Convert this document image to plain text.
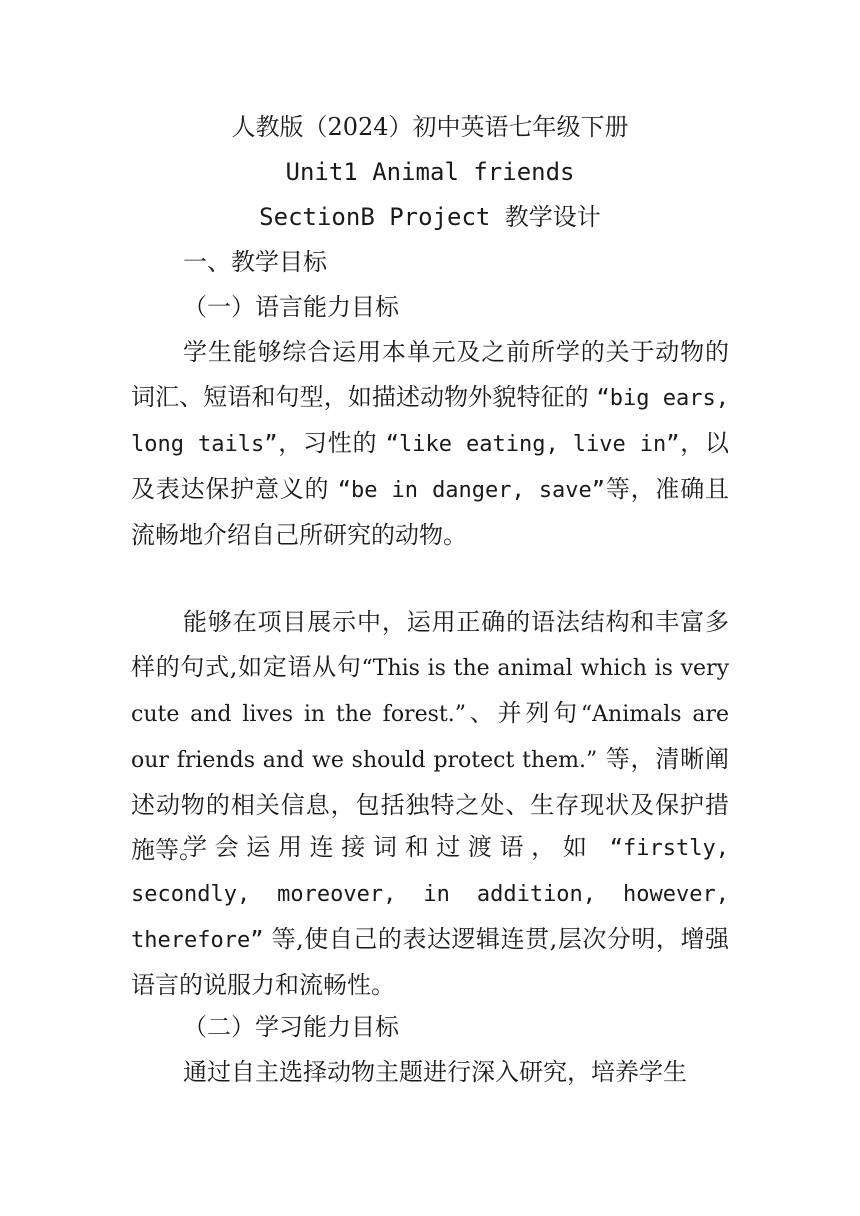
人教版（2024）初中英语七年级下册
Unit1 Animal friends
SectionB Project 教学设计
一、教学目标
（一）语言能力目标
学生能够综合运用本单元及之前所学的关于动物的词汇、短语和句型，如描述动物外貌特征的 “big ears, long tails”，习性的 “like eating, live in”，以及表达保护意义的 “be in danger, save”等，准确且流畅地介绍自己所研究的动物。
能够在项目展示中，运用正确的语法结构和丰富多样的句式,如定语从句“This is the animal which is very cute and lives in the forest.”、并列句“Animals are our friends and we should protect them.” 等，清晰阐述动物的相关信息，包括独特之处、生存现状及保护措施等。
学会运用连接词和过渡语，如 “firstly, secondly, moreover, in addition, however, therefore” 等,使自己的表达逻辑连贯,层次分明，增强语言的说服力和流畅性。
（二）学习能力目标
通过自主选择动物主题进行深入研究，培养学生
